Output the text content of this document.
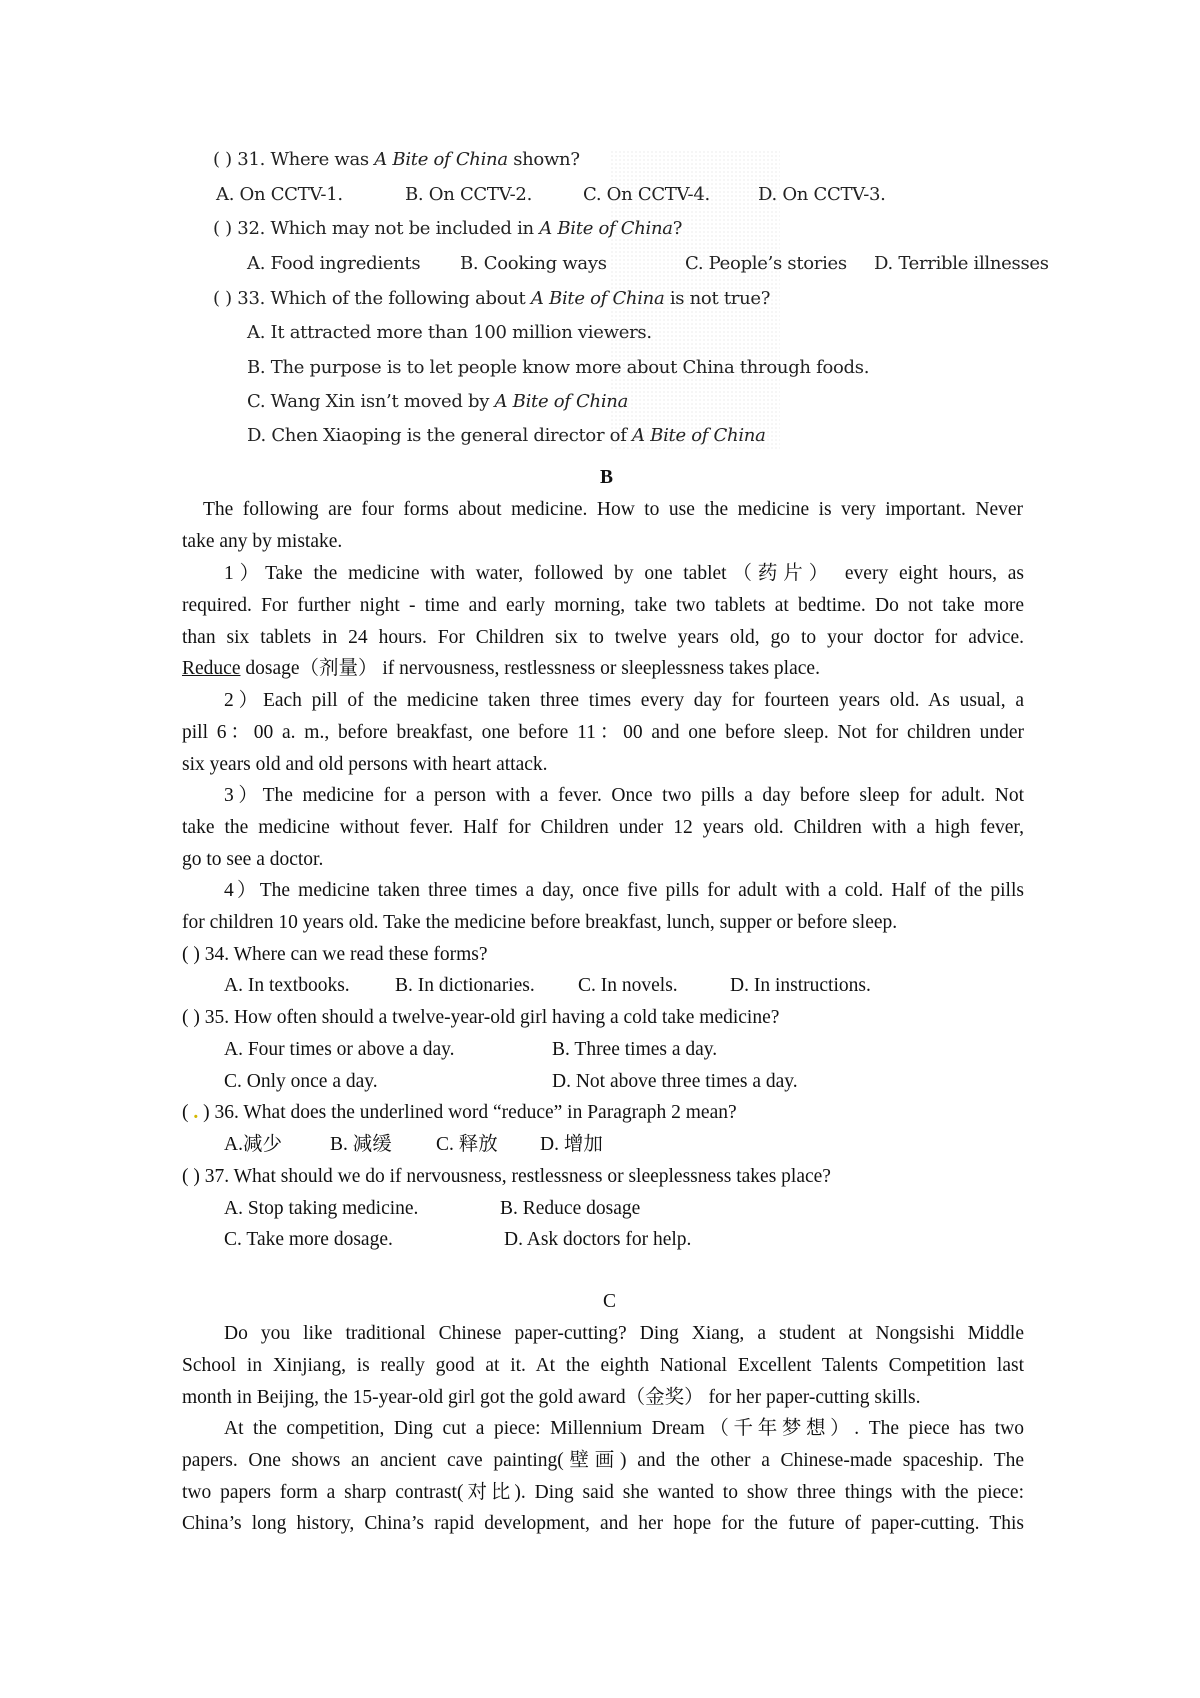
( ) 31. Where was A Bite of China shown?
A. On CCTV-1.	B. On CCTV-2.	C. On CCTV-4.	D. On CCTV-3.
( ) 32. Which may not be included in A Bite of China?
A. Food ingredients B. Cooking ways	C. People’s stories D. Terrible illnesses
( ) 33. Which of the following about A Bite of China is not true?
A. It attracted more than 100 million viewers.
B. The purpose is to let people know more about China through foods.
C. Wang Xin isn’t moved by A Bite of China
D. Chen Xiaoping is the general director of A Bite of China
B
The following are four forms about medicine. How to use the medicine is very important. Never
take any by mistake.
1）Take the medicine with water, followed by one tablet（药片） every eight hours, as
required. For further night - time and early morning, take two tablets at bedtime. Do not take more
than six tablets in 24 hours. For Children six to twelve years old, go to your doctor for advice.
Reduce dosage（剂量） if nervousness, restlessness or sleeplessness takes place.
2）Each pill of the medicine taken three times every day for fourteen years old. As usual, a
pill 6：00 a. m., before breakfast, one before 11：00 and one before sleep. Not for children under
six years old and old persons with heart attack.
3）The medicine for a person with a fever. Once two pills a day before sleep for adult. Not
take the medicine without fever. Half for Children under 12 years old. Children with a high fever,
go to see a doctor.
4）The medicine taken three times a day, once five pills for adult with a cold. Half of the pills
for children 10 years old. Take the medicine before breakfast, lunch, supper or before sleep.
( ) 34. Where can we read these forms?
A. In textbooks. B. In dictionaries. C. In novels.	D. In instructions.
( ) 35. How often should a twelve-year-old girl having a cold take medicine?
A. Four times or above a day.	B. Three times a day.
C. Only once a day.	D. Not above three times a day.
( . ) 36. What does the underlined word “reduce” in Paragraph 2 mean?
A.减少 B. 减缓 C. 释放 D. 增加
( ) 37. What should we do if nervousness, restlessness or sleeplessness takes place?
A. Stop taking medicine.	B. Reduce dosage
C. Take more dosage.	D. Ask doctors for help.
C
Do you like traditional Chinese paper-cutting? Ding Xiang, a student at Nongsishi Middle
School in Xinjiang, is really good at it. At the eighth National Excellent Talents Competition last
month in Beijing, the 15-year-old girl got the gold award（金奖） for her paper-cutting skills.
At the competition, Ding cut a piece: Millennium Dream（千年梦想）. The piece has two
papers. One shows an ancient cave painting(壁画) and the other a Chinese-made spaceship. The
two papers form a sharp contrast(对比). Ding said she wanted to show three things with the piece:
China’s long history, China’s rapid development, and her hope for the future of paper-cutting. This
